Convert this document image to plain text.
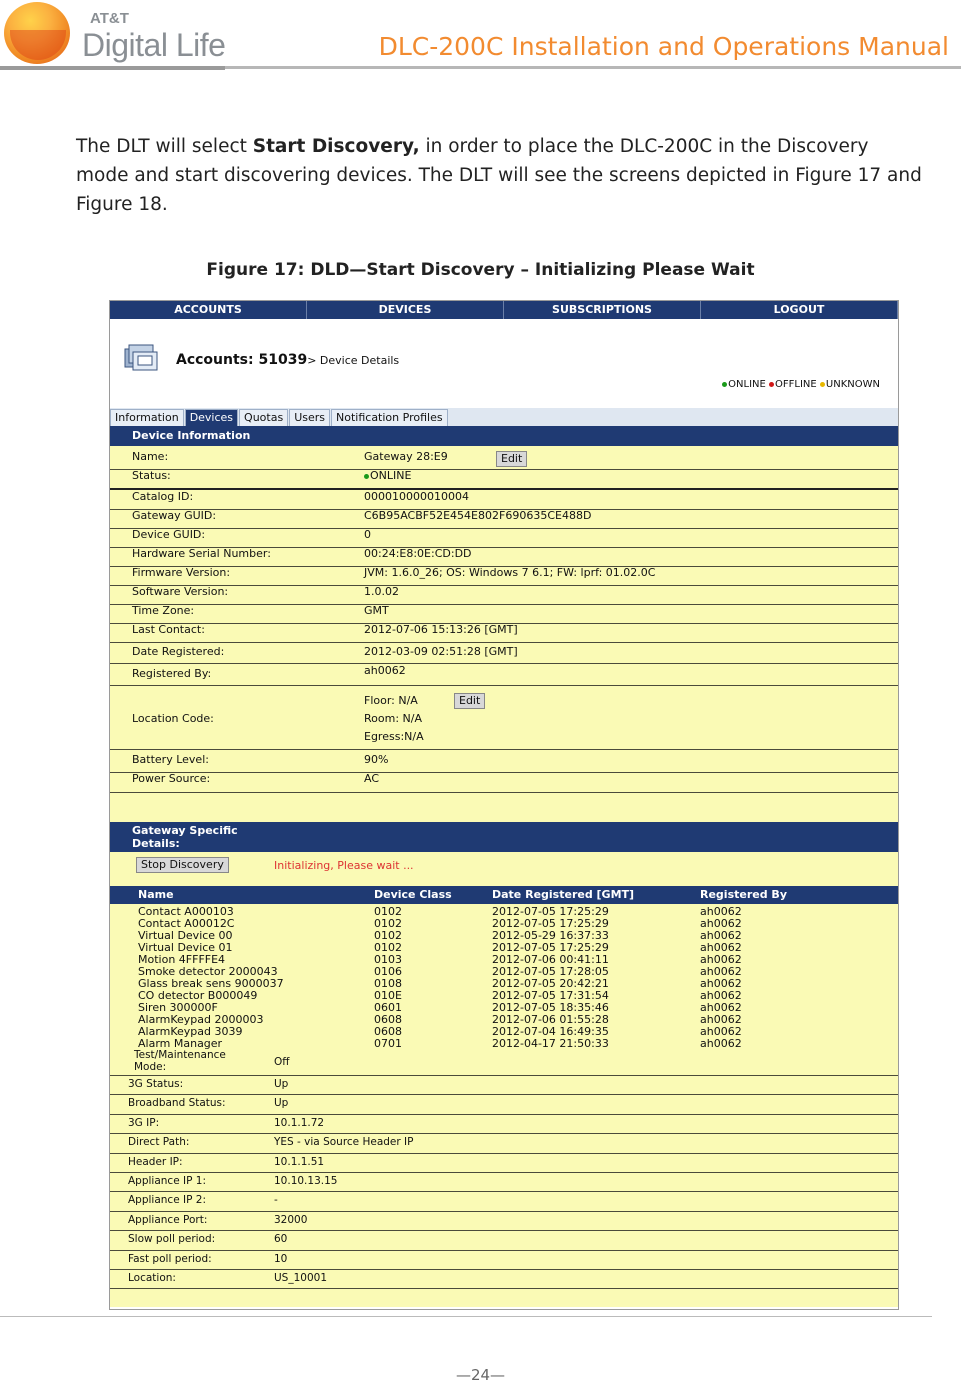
AT&T
Digital Life	DLC-200C Installation and Operations Manual
The DLT will select Start Discovery, in order to place the DLC-200C in the Discovery mode and start discovering devices. The DLT will see the screens depicted in Figure 17 and Figure 18.
Figure 17: DLD—Start Discovery – Initializing Please Wait
ACCOUNTS	DEVICES	SUBSCRIPTIONS	LOGOUT
Accounts: 51039> Device Details
ONLINE OFFLINE UNKNOWN
Information	Devices	Quotas	Users	Notification Profiles
Device Information
Name:	Gateway 28:E9	Edit
Status:	ONLINE
Catalog ID:	000010000010004
Gateway GUID:	C6B95ACBF52E454E802F690635CE488D
Device GUID:	0
Hardware Serial Number:	00:24:E8:0E:CD:DD
Firmware Version:	JVM: 1.6.0_26; OS: Windows 7 6.1; FW: lprf: 01.02.0C
Software Version:	1.0.02
Time Zone:	GMT
Last Contact:	2012-07-06 15:13:26 [GMT]
Date Registered:	2012-03-09 02:51:28 [GMT]
Registered By:	ah0062
Location Code:
Floor: N/A	Edit
Room: N/A
Egress:N/A
Battery Level:	90%
Power Source:	AC
Gateway Specific Details:
Stop Discovery	Initializing, Please wait ...
Name	Device Class	Date Registered [GMT]	Registered By
Contact A000103	0102	2012-07-05 17:25:29	ah0062
Contact A00012C	0102	2012-07-05 17:25:29	ah0062
Virtual Device 00	0102	2012-05-29 16:37:33	ah0062
Virtual Device 01	0102	2012-07-05 17:25:29	ah0062
Motion 4FFFFE4	0103	2012-07-06 00:41:11	ah0062
Smoke detector 2000043	0106	2012-07-05 17:28:05	ah0062
Glass break sens 9000037	0108	2012-07-05 20:42:21	ah0062
CO detector B000049	010E	2012-07-05 17:31:54	ah0062
Siren 300000F	0601	2012-07-05 18:35:46	ah0062
AlarmKeypad 2000003	0608	2012-07-06 01:55:28	ah0062
AlarmKeypad 3039	0608	2012-07-04 16:49:35	ah0062
Alarm Manager	0701	2012-04-17 21:50:33	ah0062
Test/Maintenance Mode:	Off
3G Status:	Up
Broadband Status:	Up
3G IP:	10.1.1.72
Direct Path:	YES - via Source Header IP
Header IP:	10.1.1.51
Appliance IP 1:	10.10.13.15
Appliance IP 2:	-
Appliance Port:	32000
Slow poll period:	60
Fast poll period:	10
Location:	US_10001
—24—
